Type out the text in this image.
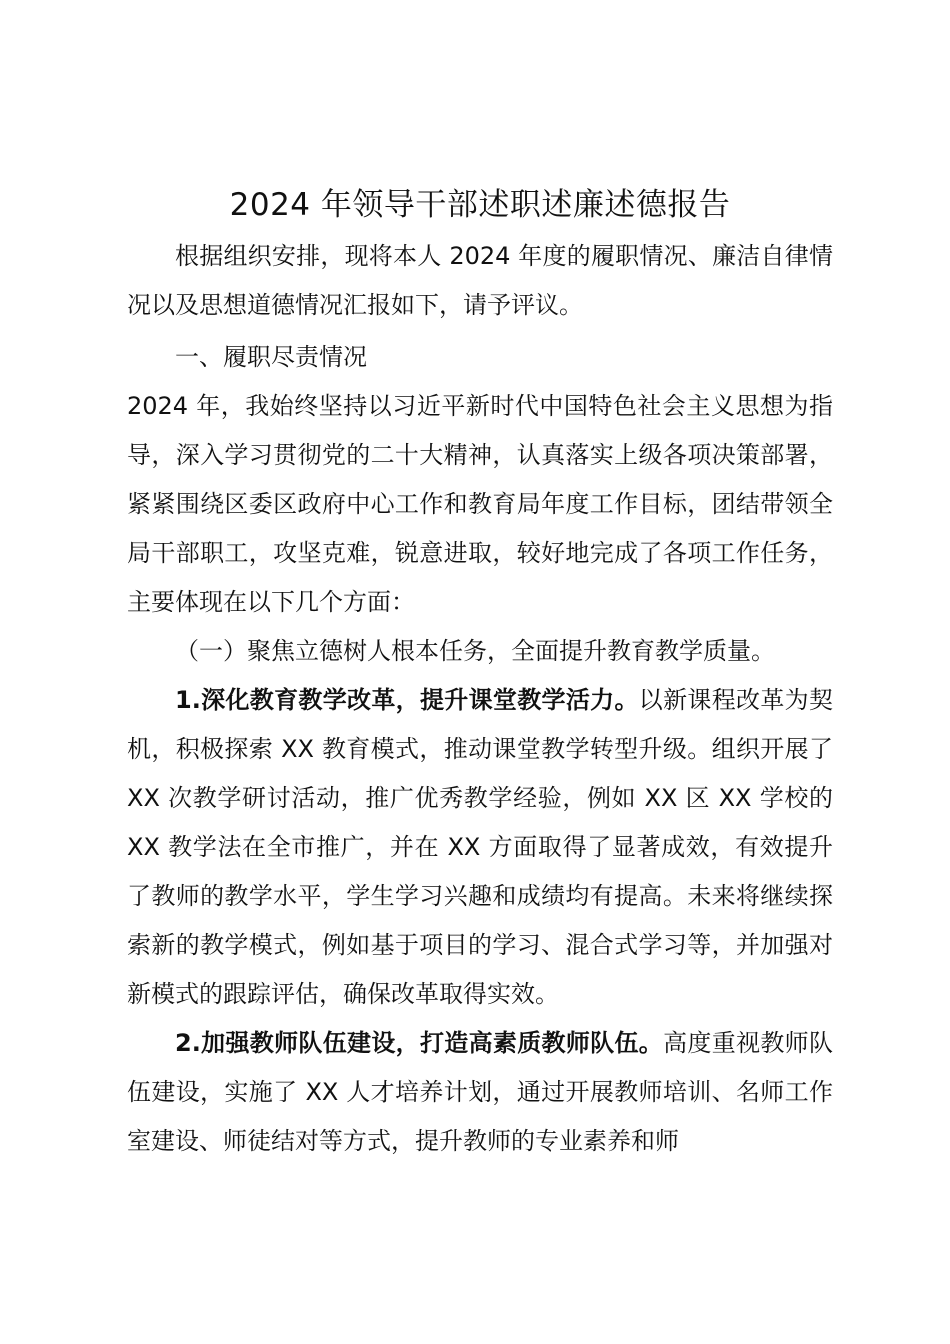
2024 年领导干部述职述廉述德报告

根据组织安排，现将本人 2024 年度的履职情况、廉洁自律情况以及思想道德情况汇报如下，请予评议。

一、履职尽责情况

2024 年，我始终坚持以习近平新时代中国特色社会主义思想为指导，深入学习贯彻党的二十大精神，认真落实上级各项决策部署，紧紧围绕区委区政府中心工作和教育局年度工作目标，团结带领全局干部职工，攻坚克难，锐意进取，较好地完成了各项工作任务，主要体现在以下几个方面：

（一）聚焦立德树人根本任务，全面提升教育教学质量。

1.深化教育教学改革，提升课堂教学活力。以新课程改革为契机，积极探索 XX 教育模式，推动课堂教学转型升级。组织开展了 XX 次教学研讨活动，推广优秀教学经验，例如 XX 区 XX 学校的 XX 教学法在全市推广，并在 XX 方面取得了显著成效，有效提升了教师的教学水平，学生学习兴趣和成绩均有提高。未来将继续探索新的教学模式，例如基于项目的学习、混合式学习等，并加强对新模式的跟踪评估，确保改革取得实效。

2.加强教师队伍建设，打造高素质教师队伍。高度重视教师队伍建设，实施了 XX 人才培养计划，通过开展教师培训、名师工作室建设、师徒结对等方式，提升教师的专业素养和师
